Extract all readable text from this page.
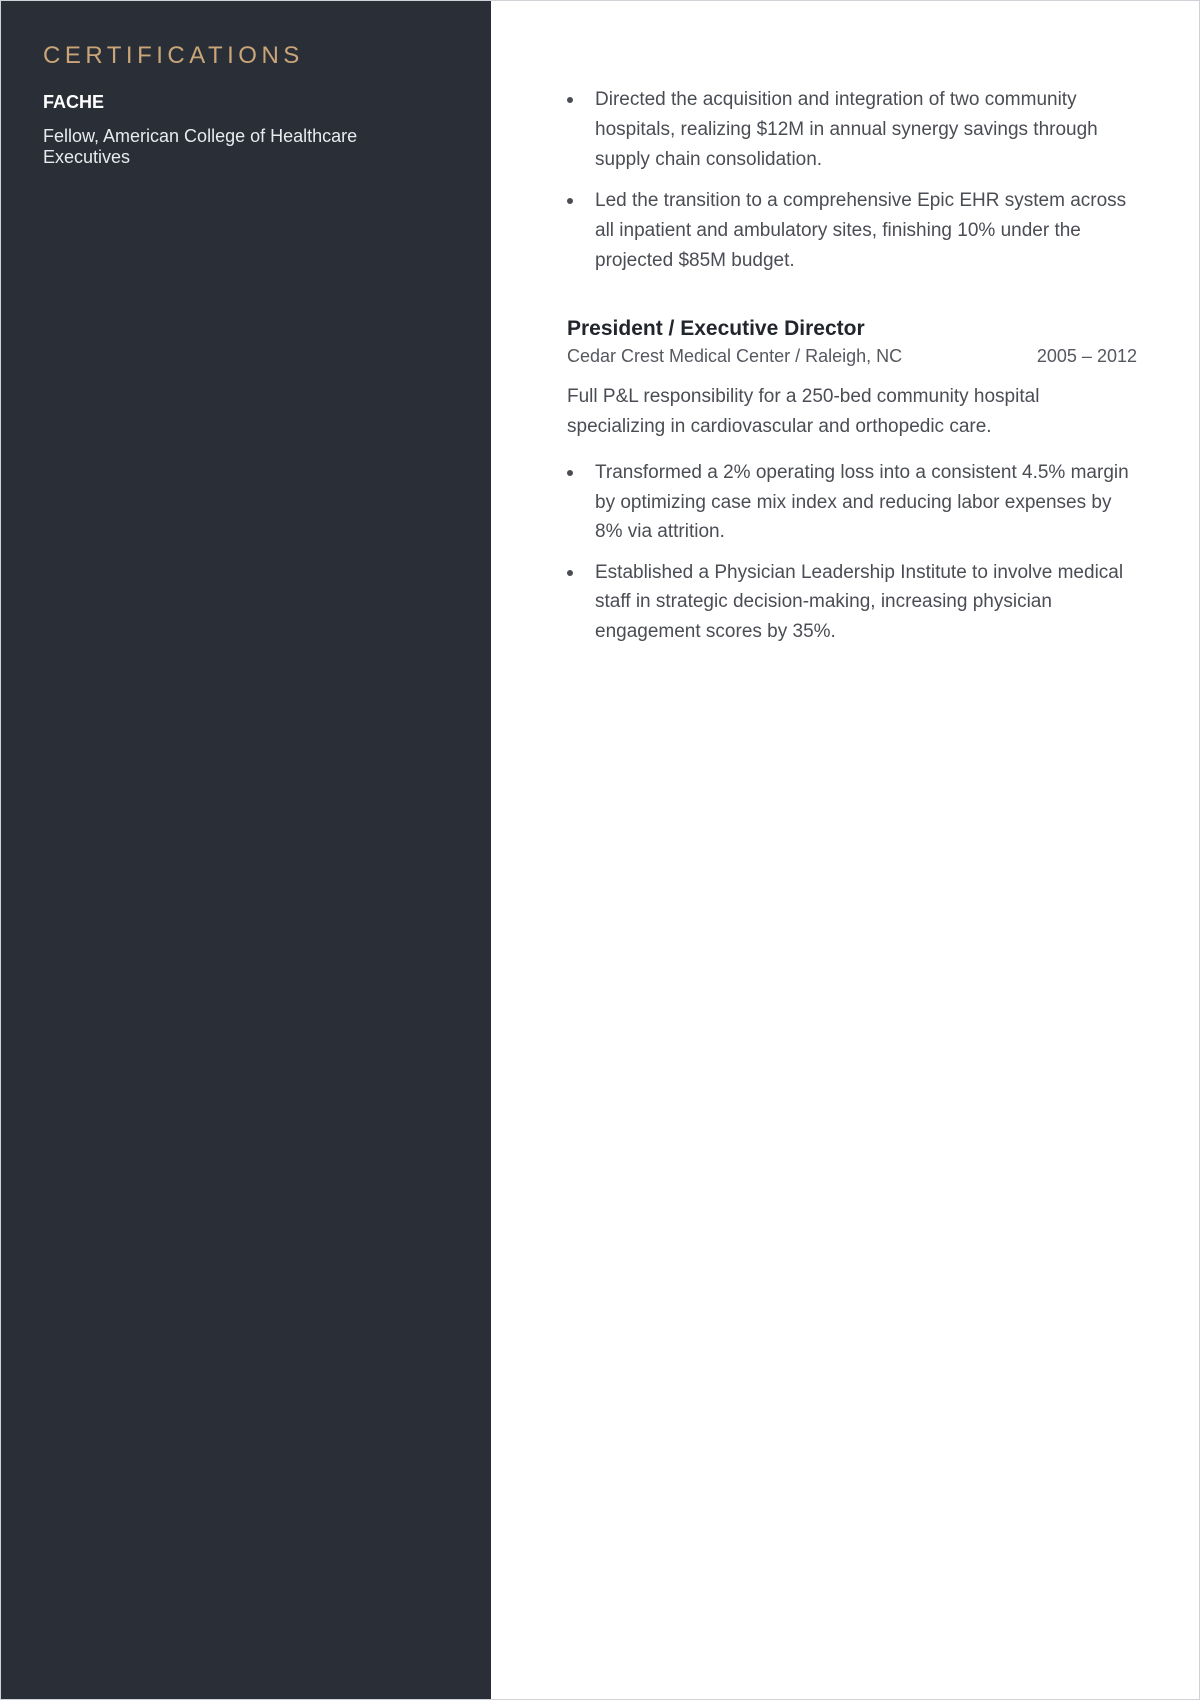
CERTIFICATIONS

FACHE

Fellow, American College of Healthcare Executives

Directed the acquisition and integration of two community hospitals, realizing $12M in annual synergy savings through supply chain consolidation.
Led the transition to a comprehensive Epic EHR system across all inpatient and ambulatory sites, finishing 10% under the projected $85M budget.
President / Executive Director
Cedar Crest Medical Center / Raleigh, NC	2005 – 2012

Full P&L responsibility for a 250-bed community hospital specializing in cardiovascular and orthopedic care.

Transformed a 2% operating loss into a consistent 4.5% margin by optimizing case mix index and reducing labor expenses by 8% via attrition.
Established a Physician Leadership Institute to involve medical staff in strategic decision-making, increasing physician engagement scores by 35%.
